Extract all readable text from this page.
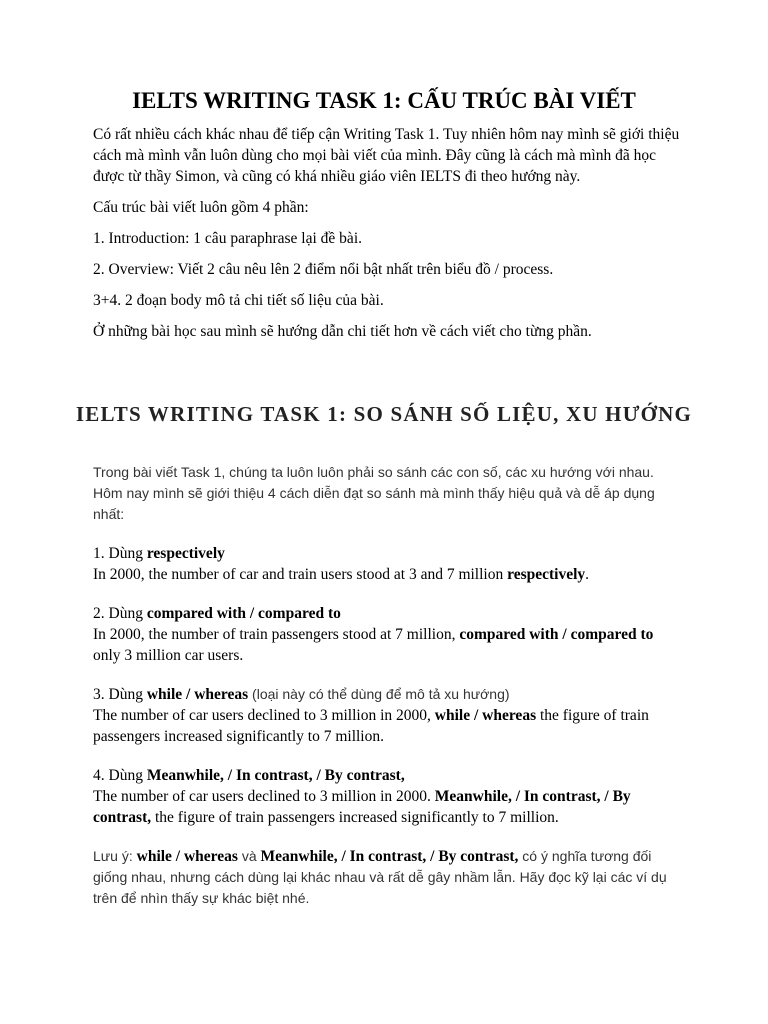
IELTS WRITING TASK 1: CẤU TRÚC BÀI VIẾT

Có rất nhiều cách khác nhau để tiếp cận Writing Task 1. Tuy nhiên hôm nay mình sẽ giới thiệu cách mà mình vẫn luôn dùng cho mọi bài viết của mình. Đây cũng là cách mà mình đã học được từ thầy Simon, và cũng có khá nhiều giáo viên IELTS đi theo hướng này.

Cấu trúc bài viết luôn gồm 4 phần:

1. Introduction: 1 câu paraphrase lại đề bài.

2. Overview: Viết 2 câu nêu lên 2 điểm nổi bật nhất trên biểu đồ / process.

3+4. 2 đoạn body mô tả chi tiết số liệu của bài.

Ở những bài học sau mình sẽ hướng dẫn chi tiết hơn về cách viết cho từng phần.

IELTS WRITING TASK 1: SO SÁNH SỐ LIỆU, XU HƯỚNG

Trong bài viết Task 1, chúng ta luôn luôn phải so sánh các con số, các xu hướng với nhau. Hôm nay mình sẽ giới thiệu 4 cách diễn đạt so sánh mà mình thấy hiệu quả và dễ áp dụng nhất:

1. Dùng respectively

In 2000, the number of car and train users stood at 3 and 7 million respectively.

2. Dùng compared with / compared to

In 2000, the number of train passengers stood at 7 million, compared with / compared to only 3 million car users.

3. Dùng while / whereas (loại này có thể dùng để mô tả xu hướng)

The number of car users declined to 3 million in 2000, while / whereas the figure of train passengers increased significantly to 7 million.

4. Dùng Meanwhile, / In contrast, / By contrast,

The number of car users declined to 3 million in 2000. Meanwhile, / In contrast, / By contrast, the figure of train passengers increased significantly to 7 million.

Lưu ý: while / whereas và Meanwhile, / In contrast, / By contrast, có ý nghĩa tương đối giống nhau, nhưng cách dùng lại khác nhau và rất dễ gây nhầm lẫn. Hãy đọc kỹ lại các ví dụ trên để nhìn thấy sự khác biệt nhé.
